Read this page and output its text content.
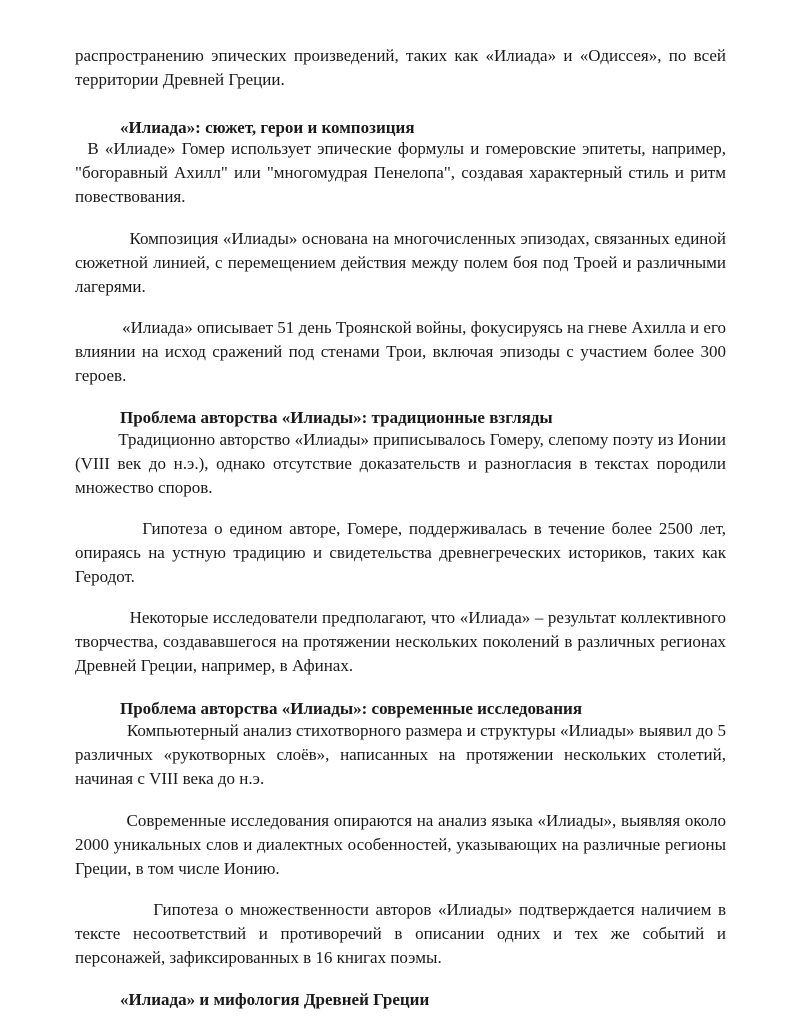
распространению эпических произведений, таких как «Илиада» и «Одиссея», по всей территории Древней Греции.

«Илиада»: сюжет, герои и композиция

В «Илиаде» Гомер использует эпические формулы и гомеровские эпитеты, например, "богоравный Ахилл" или "многомудрая Пенелопа", создавая характерный стиль и ритм повествования.

Композиция «Илиады» основана на многочисленных эпизодах, связанных единой сюжетной линией, с перемещением действия между полем боя под Троей и различными лагерями.

«Илиада» описывает 51 день Троянской войны, фокусируясь на гневе Ахилла и его влиянии на исход сражений под стенами Трои, включая эпизоды с участием более 300 героев.

Проблема авторства «Илиады»: традиционные взгляды

Традиционно авторство «Илиады» приписывалось Гомеру, слепому поэту из Ионии (VIII век до н.э.), однако отсутствие доказательств и разногласия в текстах породили множество споров.

Гипотеза о едином авторе, Гомере, поддерживалась в течение более 2500 лет, опираясь на устную традицию и свидетельства древнегреческих историков, таких как Геродот.

Некоторые исследователи предполагают, что «Илиада» – результат коллективного творчества, создававшегося на протяжении нескольких поколений в различных регионах Древней Греции, например, в Афинах.

Проблема авторства «Илиады»: современные исследования

Компьютерный анализ стихотворного размера и структуры «Илиады» выявил до 5 различных «рукотворных слоёв», написанных на протяжении нескольких столетий, начиная с VIII века до н.э.

Современные исследования опираются на анализ языка «Илиады», выявляя около 2000 уникальных слов и диалектных особенностей, указывающих на различные регионы Греции, в том числе Ионию.

Гипотеза о множественности авторов «Илиады» подтверждается наличием в тексте несоответствий и противоречий в описании одних и тех же событий и персонажей, зафиксированных в 16 книгах поэмы.

«Илиада» и мифология Древней Греции
